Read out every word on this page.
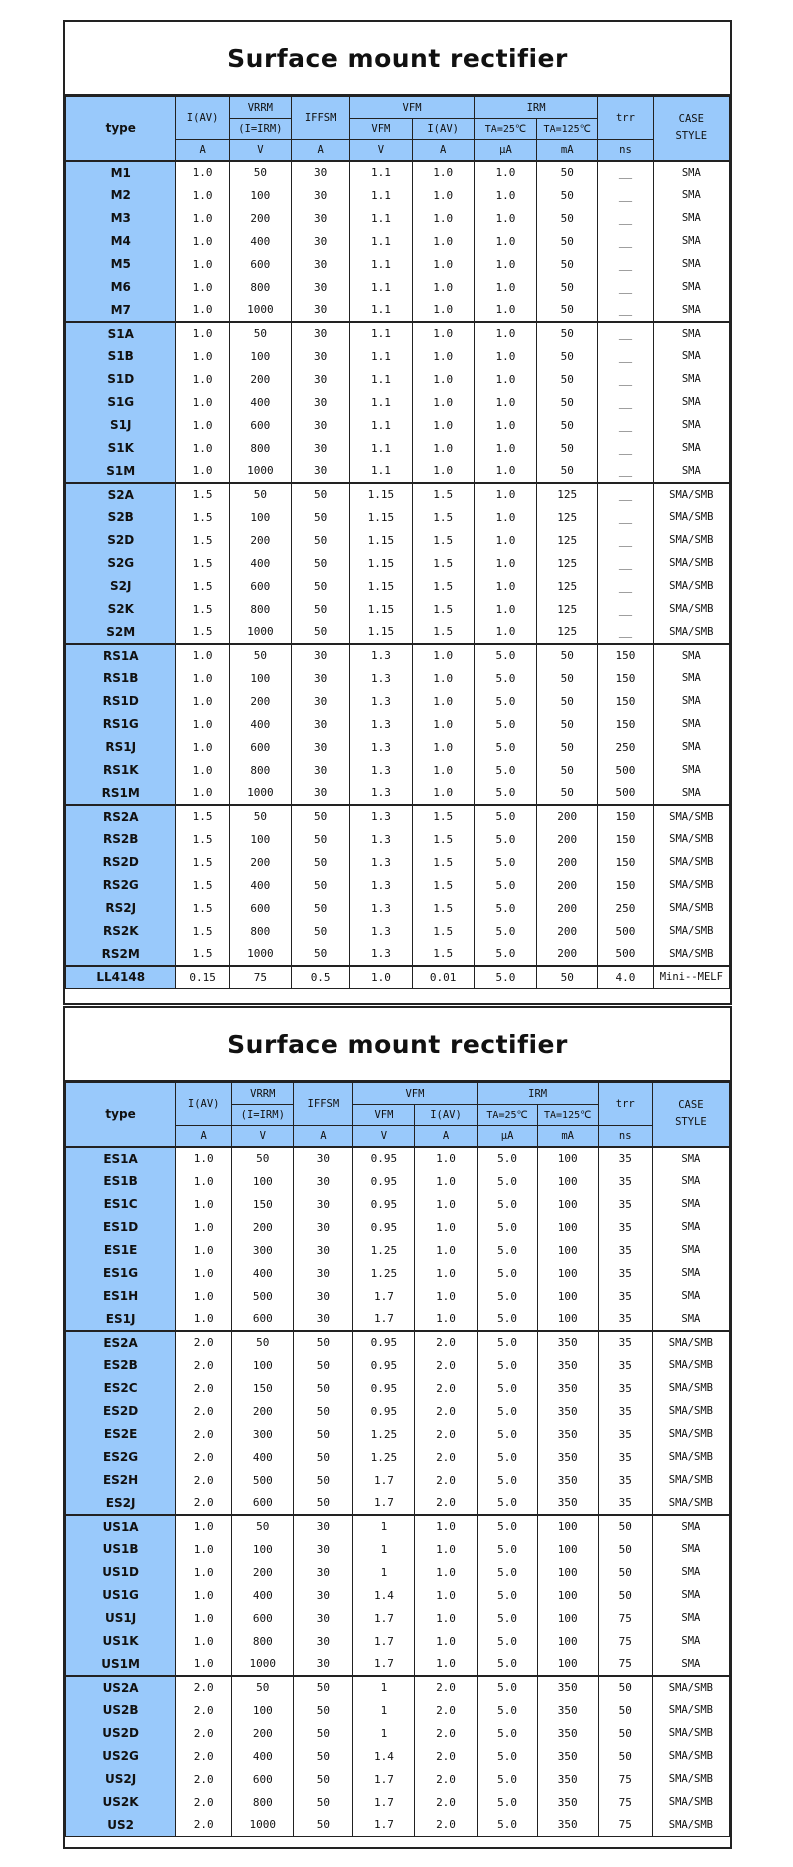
Surface mount rectifier
type	I(AV)	VRRM	IFFSM	VFM		IRM		trr	CASE STYLE
		(I=IRM)		VFM	I(AV)	TA=25℃	TA=125℃		
	A	V	A	V	A	μA	mA	ns	
M1	1.0	50	30	1.1	1.0	1.0	50	__	SMA
M2	1.0	100	30	1.1	1.0	1.0	50	__	SMA
M3	1.0	200	30	1.1	1.0	1.0	50	__	SMA
M4	1.0	400	30	1.1	1.0	1.0	50	__	SMA
M5	1.0	600	30	1.1	1.0	1.0	50	__	SMA
M6	1.0	800	30	1.1	1.0	1.0	50	__	SMA
M7	1.0	1000	30	1.1	1.0	1.0	50	__	SMA
S1A	1.0	50	30	1.1	1.0	1.0	50	__	SMA
S1B	1.0	100	30	1.1	1.0	1.0	50	__	SMA
S1D	1.0	200	30	1.1	1.0	1.0	50	__	SMA
S1G	1.0	400	30	1.1	1.0	1.0	50	__	SMA
S1J	1.0	600	30	1.1	1.0	1.0	50	__	SMA
S1K	1.0	800	30	1.1	1.0	1.0	50	__	SMA
S1M	1.0	1000	30	1.1	1.0	1.0	50	__	SMA
S2A	1.5	50	50	1.15	1.5	1.0	125	__	SMA/SMB
S2B	1.5	100	50	1.15	1.5	1.0	125	__	SMA/SMB
S2D	1.5	200	50	1.15	1.5	1.0	125	__	SMA/SMB
S2G	1.5	400	50	1.15	1.5	1.0	125	__	SMA/SMB
S2J	1.5	600	50	1.15	1.5	1.0	125	__	SMA/SMB
S2K	1.5	800	50	1.15	1.5	1.0	125	__	SMA/SMB
S2M	1.5	1000	50	1.15	1.5	1.0	125	__	SMA/SMB
RS1A	1.0	50	30	1.3	1.0	5.0	50	150	SMA
RS1B	1.0	100	30	1.3	1.0	5.0	50	150	SMA
RS1D	1.0	200	30	1.3	1.0	5.0	50	150	SMA
RS1G	1.0	400	30	1.3	1.0	5.0	50	150	SMA
RS1J	1.0	600	30	1.3	1.0	5.0	50	250	SMA
RS1K	1.0	800	30	1.3	1.0	5.0	50	500	SMA
RS1M	1.0	1000	30	1.3	1.0	5.0	50	500	SMA
RS2A	1.5	50	50	1.3	1.5	5.0	200	150	SMA/SMB
RS2B	1.5	100	50	1.3	1.5	5.0	200	150	SMA/SMB
RS2D	1.5	200	50	1.3	1.5	5.0	200	150	SMA/SMB
RS2G	1.5	400	50	1.3	1.5	5.0	200	150	SMA/SMB
RS2J	1.5	600	50	1.3	1.5	5.0	200	250	SMA/SMB
RS2K	1.5	800	50	1.3	1.5	5.0	200	500	SMA/SMB
RS2M	1.5	1000	50	1.3	1.5	5.0	200	500	SMA/SMB
LL4148	0.15	75	0.5	1.0	0.01	5.0	50	4.0	Mini--MELF
Surface mount rectifier
type	I(AV)	VRRM	IFFSM	VFM		IRM		trr	CASE STYLE
		(I=IRM)		VFM	I(AV)	TA=25℃	TA=125℃		
	A	V	A	V	A	μA	mA	ns	
ES1A	1.0	50	30	0.95	1.0	5.0	100	35	SMA
ES1B	1.0	100	30	0.95	1.0	5.0	100	35	SMA
ES1C	1.0	150	30	0.95	1.0	5.0	100	35	SMA
ES1D	1.0	200	30	0.95	1.0	5.0	100	35	SMA
ES1E	1.0	300	30	1.25	1.0	5.0	100	35	SMA
ES1G	1.0	400	30	1.25	1.0	5.0	100	35	SMA
ES1H	1.0	500	30	1.7	1.0	5.0	100	35	SMA
ES1J	1.0	600	30	1.7	1.0	5.0	100	35	SMA
ES2A	2.0	50	50	0.95	2.0	5.0	350	35	SMA/SMB
ES2B	2.0	100	50	0.95	2.0	5.0	350	35	SMA/SMB
ES2C	2.0	150	50	0.95	2.0	5.0	350	35	SMA/SMB
ES2D	2.0	200	50	0.95	2.0	5.0	350	35	SMA/SMB
ES2E	2.0	300	50	1.25	2.0	5.0	350	35	SMA/SMB
ES2G	2.0	400	50	1.25	2.0	5.0	350	35	SMA/SMB
ES2H	2.0	500	50	1.7	2.0	5.0	350	35	SMA/SMB
ES2J	2.0	600	50	1.7	2.0	5.0	350	35	SMA/SMB
US1A	1.0	50	30	1	1.0	5.0	100	50	SMA
US1B	1.0	100	30	1	1.0	5.0	100	50	SMA
US1D	1.0	200	30	1	1.0	5.0	100	50	SMA
US1G	1.0	400	30	1.4	1.0	5.0	100	50	SMA
US1J	1.0	600	30	1.7	1.0	5.0	100	75	SMA
US1K	1.0	800	30	1.7	1.0	5.0	100	75	SMA
US1M	1.0	1000	30	1.7	1.0	5.0	100	75	SMA
US2A	2.0	50	50	1	2.0	5.0	350	50	SMA/SMB
US2B	2.0	100	50	1	2.0	5.0	350	50	SMA/SMB
US2D	2.0	200	50	1	2.0	5.0	350	50	SMA/SMB
US2G	2.0	400	50	1.4	2.0	5.0	350	50	SMA/SMB
US2J	2.0	600	50	1.7	2.0	5.0	350	75	SMA/SMB
US2K	2.0	800	50	1.7	2.0	5.0	350	75	SMA/SMB
US2	2.0	1000	50	1.7	2.0	5.0	350	75	SMA/SMB
